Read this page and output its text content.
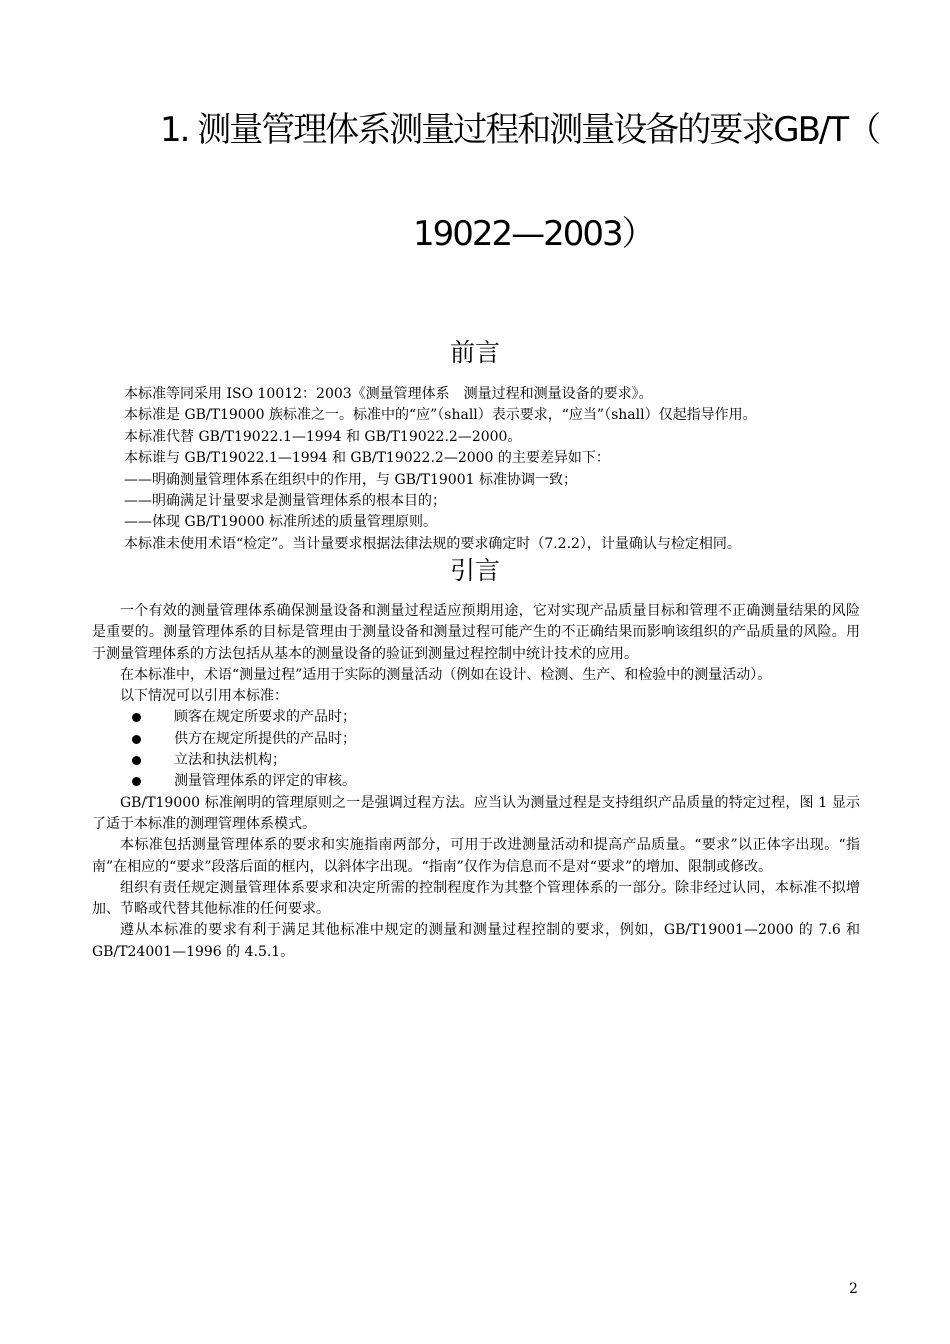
1. 测量管理体系测量过程和测量设备的要求GB/T（
19022—2003）
前言
本标准等同采用 ISO 10012：2003《测量管理体系　测量过程和测量设备的要求》。
本标准是 GB/T19000 族标准之一。标准中的“应”（shall）表示要求，“应当”（shall）仅起指导作用。
本标准代替 GB/T19022.1—1994 和 GB/T19022.2—2000。
本标谁与 GB/T19022.1—1994 和 GB/T19022.2—2000 的主要差异如下：
——明确测量管理体系在组织中的作用，与 GB/T19001 标准协调一致；
——明确满足计量要求是测量管理体系的根本目的；
——体现 GB/T19000 标准所述的质量管理原则。
本标准未使用术语“检定”。当计量要求根据法律法规的要求确定时（7.2.2），计量确认与检定相同。
引言

一个有效的测量管理体系确保测量设备和测量过程适应预期用途，它对实现产品质量目标和管理不正确测量结果的风险是重要的。测量管理体系的目标是管理由于测量设备和测量过程可能产生的不正确结果而影响该组织的产品质量的风险。用于测量管理体系的方法包括从基本的测量设备的验证到测量过程控制中统计技术的应用。

在本标准中，术语“测量过程”适用于实际的测量活动（例如在设计、检测、生产、和检验中的测量活动）。

以下情况可以引用本标准：

顾客在规定所要求的产品时；
供方在规定所提供的产品时；
立法和执法机构；
测量管理体系的评定的审核。

GB/T19000 标准阐明的管理原则之一是强调过程方法。应当认为测量过程是支持组织产品质量的特定过程，图 1 显示了适于本标准的测理管理体系模式。

本标准包括测量管理体系的要求和实施指南两部分，可用于改进测量活动和提高产品质量。“要求”以正体字出现。“指南”在相应的“要求”段落后面的框内，以斜体字出现。“指南”仅作为信息而不是对“要求”的增加、限制或修改。

组织有责任规定测量管理体系要求和决定所需的控制程度作为其整个管理体系的一部分。除非经过认同，本标准不拟增加、节略或代替其他标准的任何要求。

遵从本标准的要求有利于满足其他标准中规定的测量和测量过程控制的要求，例如，GB/T19001—2000 的 7.6 和 GB/T24001—1996 的 4.5.1。

2
